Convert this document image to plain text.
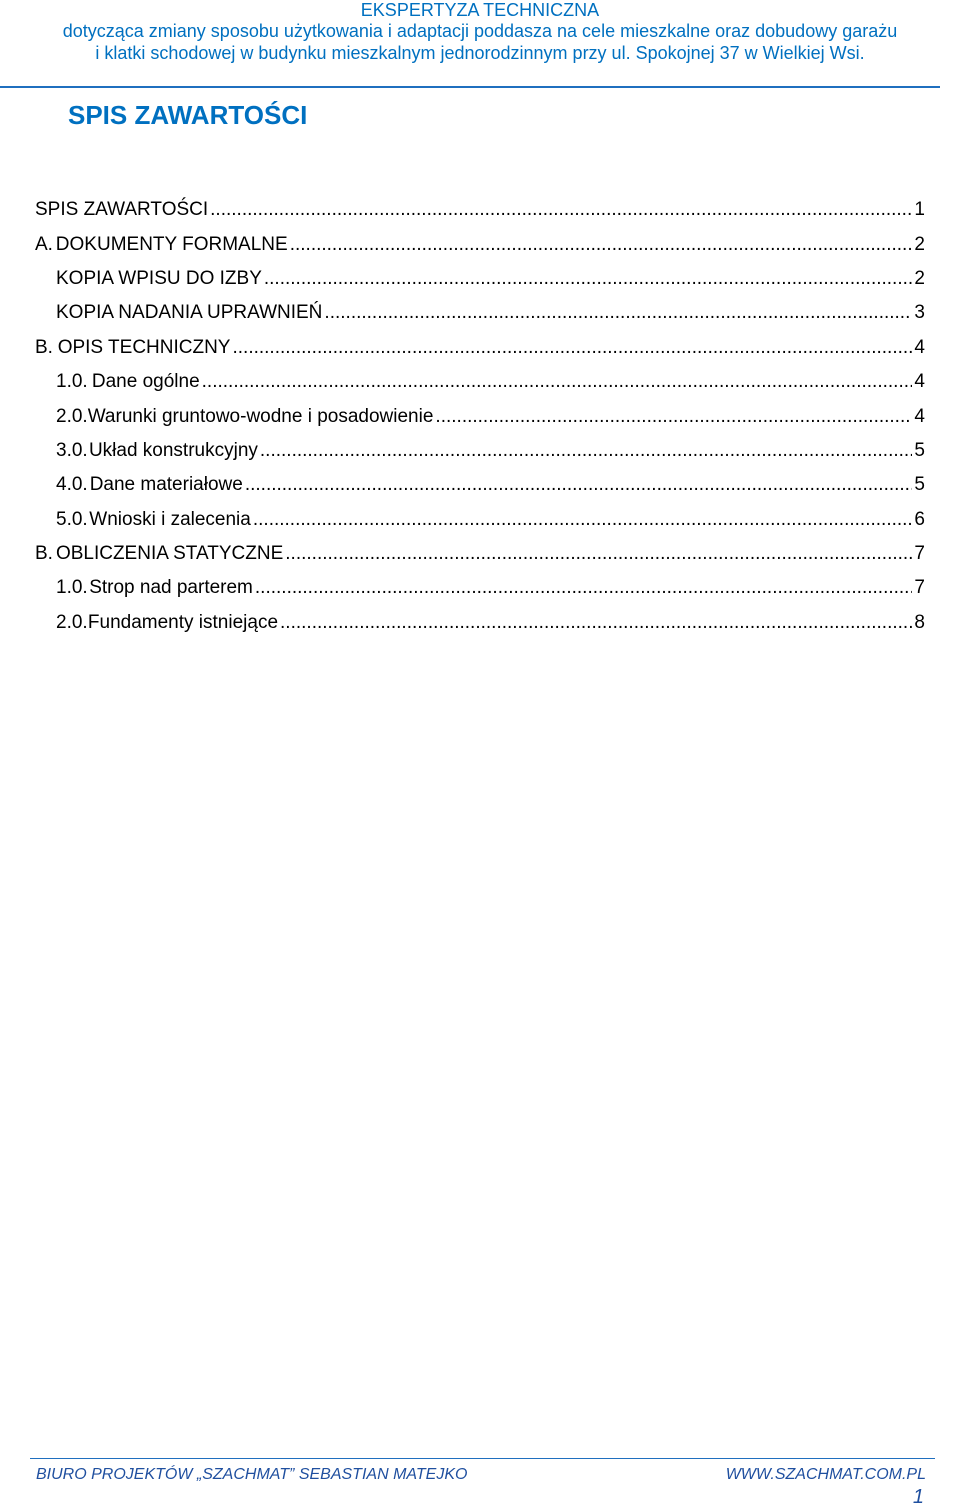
EKSPERTYZA TECHNICZNA
dotycząca zmiany sposobu użytkowania i adaptacji poddasza na cele mieszkalne oraz dobudowy garażu
i klatki schodowej w budynku mieszkalnym jednorodzinnym przy ul. Spokojnej 37 w Wielkiej Wsi.
SPIS ZAWARTOŚCI
SPIS ZAWARTOŚCI .....	1
A. DOKUMENTY FORMALNE .....	2
KOPIA WPISU DO IZBY .....	2
KOPIA NADANIA UPRAWNIEŃ .....	3
B. OPIS TECHNICZNY .....	4
1.0. Dane ogólne .....	4
2.0. Warunki gruntowo-wodne i posadowienie .....	4
3.0. Układ konstrukcyjny .....	5
4.0. Dane materiałowe .....	5
5.0. Wnioski i zalecenia .....	6
B. OBLICZENIA STATYCZNE .....	7
1.0. Strop nad parterem .....	7
2.0. Fundamenty istniejące .....	8
BIURO PROJEKTÓW „SZACHMAT” SEBASTIAN MATEJKO	WWW.SZACHMAT.COM.PL
1
